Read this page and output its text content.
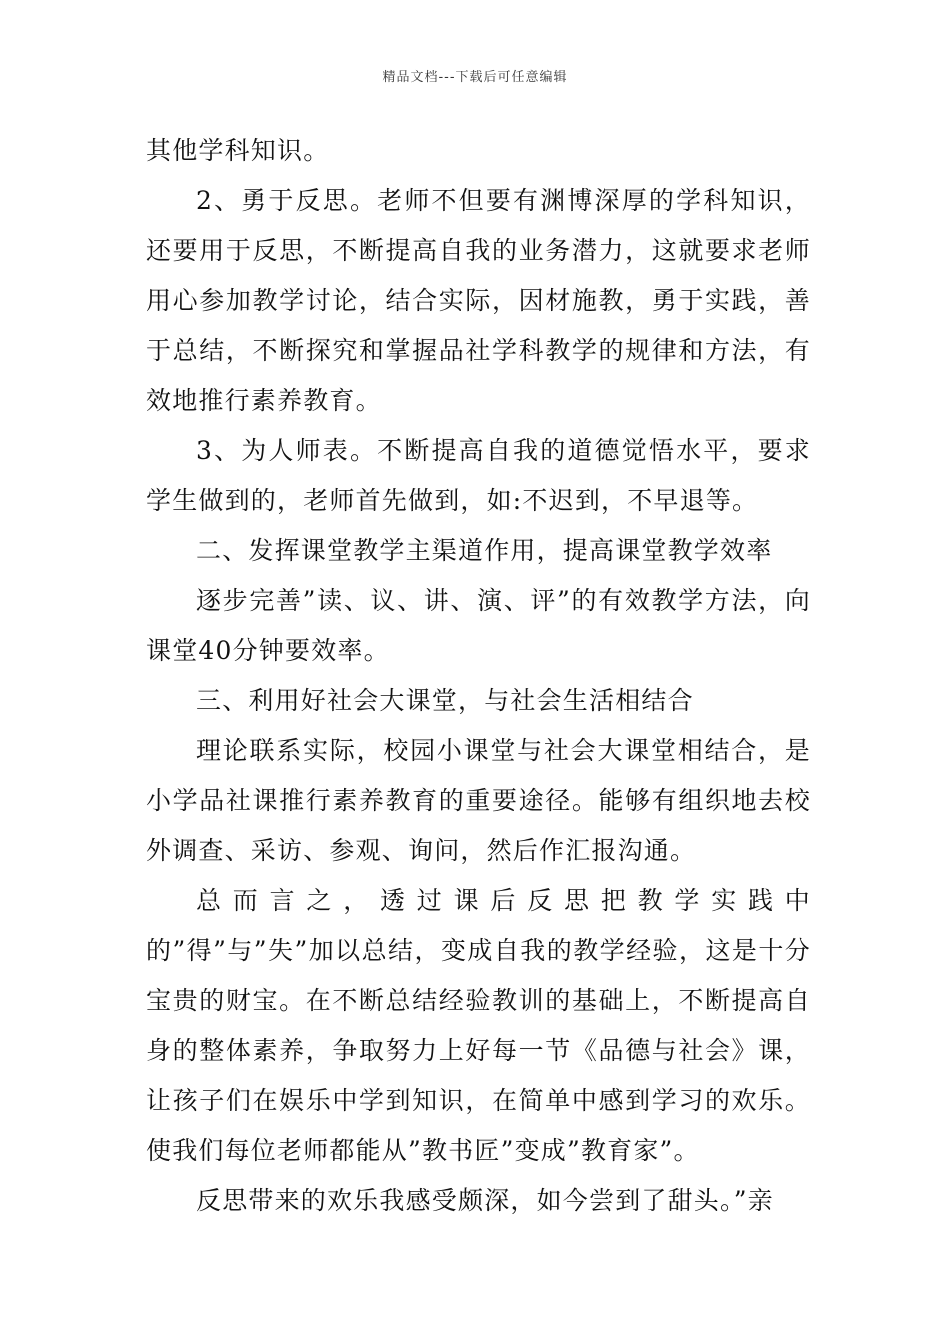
精品文档---下载后可任意编辑

其他学科知识。

2、勇于反思。老师不但要有渊博深厚的学科知识，还要用于反思，不断提高自我的业务潜力，这就要求老师用心参加教学讨论，结合实际，因材施教，勇于实践，善于总结，不断探究和掌握品社学科教学的规律和方法，有效地推行素养教育。

3、为人师表。不断提高自我的道德觉悟水平，要求学生做到的，老师首先做到，如:不迟到，不早退等。

二、发挥课堂教学主渠道作用，提高课堂教学效率

逐步完善”读、议、讲、演、评”的有效教学方法，向课堂40分钟要效率。

三、利用好社会大课堂，与社会生活相结合

理论联系实际，校园小课堂与社会大课堂相结合，是小学品社课推行素养教育的重要途径。能够有组织地去校外调查、采访、参观、询问，然后作汇报沟通。

总而言之，透过课后反思把教学实践中的”得”与”失”加以总结，变成自我的教学经验，这是十分宝贵的财宝。在不断总结经验教训的基础上，不断提高自身的整体素养，争取努力上好每一节《品德与社会》课，让孩子们在娱乐中学到知识，在简单中感到学习的欢乐。使我们每位老师都能从”教书匠”变成”教育家”。

反思带来的欢乐我感受颇深，如今尝到了甜头。”亲
